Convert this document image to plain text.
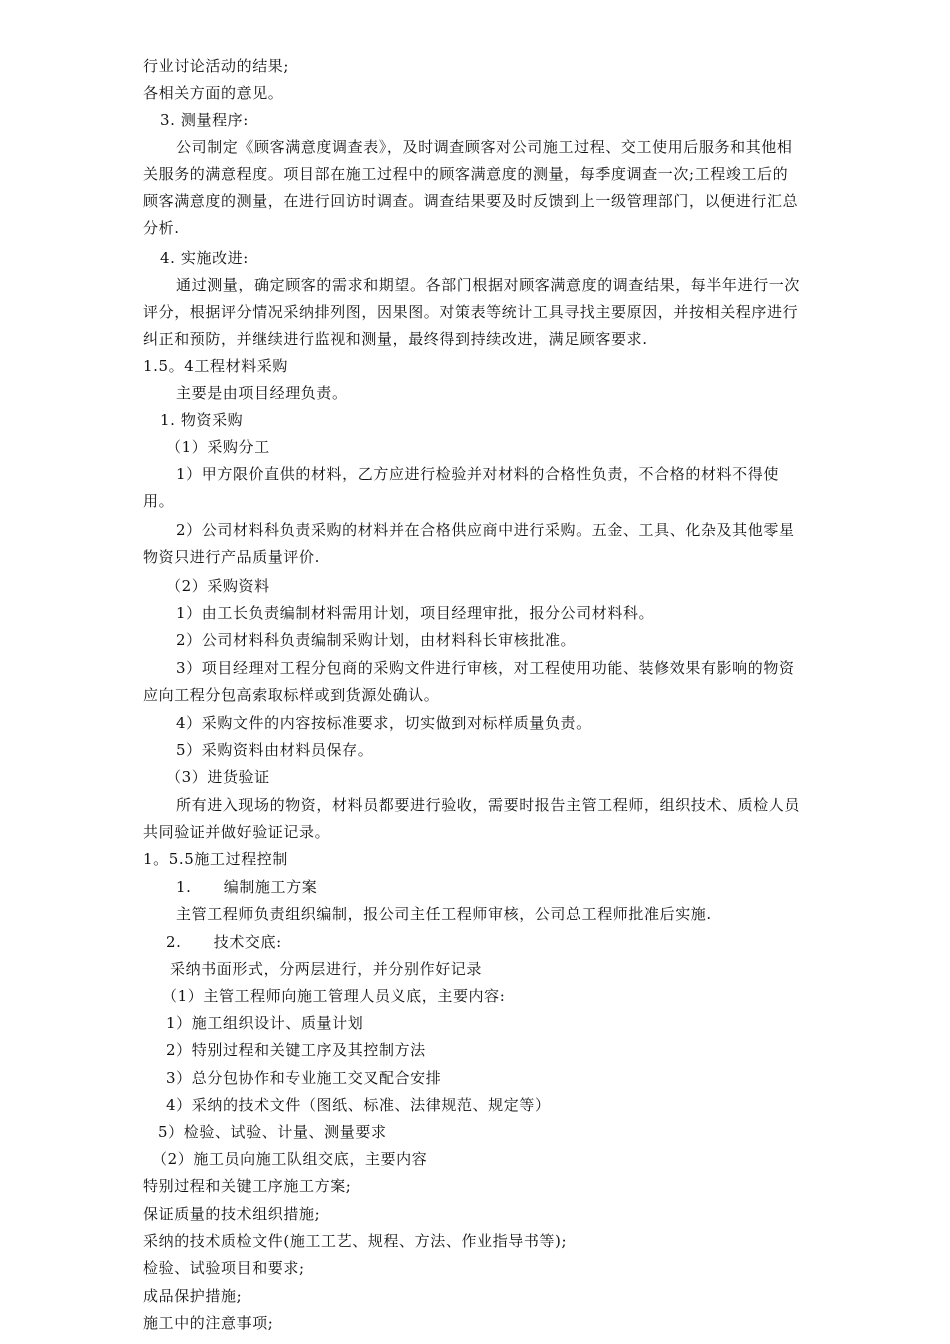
行业讨论活动的结果;
各相关方面的意见。
3. 测量程序:
公司制定《顾客满意度调查表》，及时调查顾客对公司施工过程、交工使用后服务和其他相
关服务的满意程度。项目部在施工过程中的顾客满意度的测量，每季度调查一次;工程竣工后的
顾客满意度的测量，在进行回访时调查。调查结果要及时反馈到上一级管理部门，以便进行汇总
分析.
4. 实施改进:
通过测量，确定顾客的需求和期望。各部门根据对顾客满意度的调查结果，每半年进行一次
评分，根据评分情况采纳排列图，因果图。对策表等统计工具寻找主要原因，并按相关程序进行
纠正和预防，并继续进行监视和测量，最终得到持续改进，满足顾客要求.
1.5。4工程材料采购
主要是由项目经理负责。
1. 物资采购
（1）采购分工
1）甲方限价直供的材料，乙方应进行检验并对材料的合格性负责，不合格的材料不得使
用。
2）公司材料科负责采购的材料并在合格供应商中进行采购。五金、工具、化杂及其他零星
物资只进行产品质量评价.
（2）采购资料
1）由工长负责编制材料需用计划，项目经理审批，报分公司材料科。
2）公司材料科负责编制采购计划，由材料科长审核批准。
3）项目经理对工程分包商的采购文件进行审核，对工程使用功能、装修效果有影响的物资
应向工程分包高索取标样或到货源处确认。
4）采购文件的内容按标准要求，切实做到对标样质量负责。
5）采购资料由材料员保存。
（3）进货验证
所有进入现场的物资，材料员都要进行验收，需要时报告主管工程师，组织技术、质检人员
共同验证并做好验证记录。
1。5.5施工过程控制
1.      编制施工方案
主管工程师负责组织编制，报公司主任工程师审核，公司总工程师批准后实施.
2.      技术交底:
采纳书面形式，分两层进行，并分别作好记录
（1）主管工程师向施工管理人员义底，主要内容:
1）施工组织设计、质量计划
2）特别过程和关键工序及其控制方法
3）总分包协作和专业施工交叉配合安排
4）采纳的技术文件（图纸、标准、法律规范、规定等）
5）检验、试验、计量、测量要求
（2）施工员向施工队组交底，主要内容
特别过程和关键工序施工方案;
保证质量的技术组织措施;
采纳的技术质检文件(施工工艺、规程、方法、作业指导书等);
检验、试验项目和要求;
成品保护措施;
施工中的注意事项;
